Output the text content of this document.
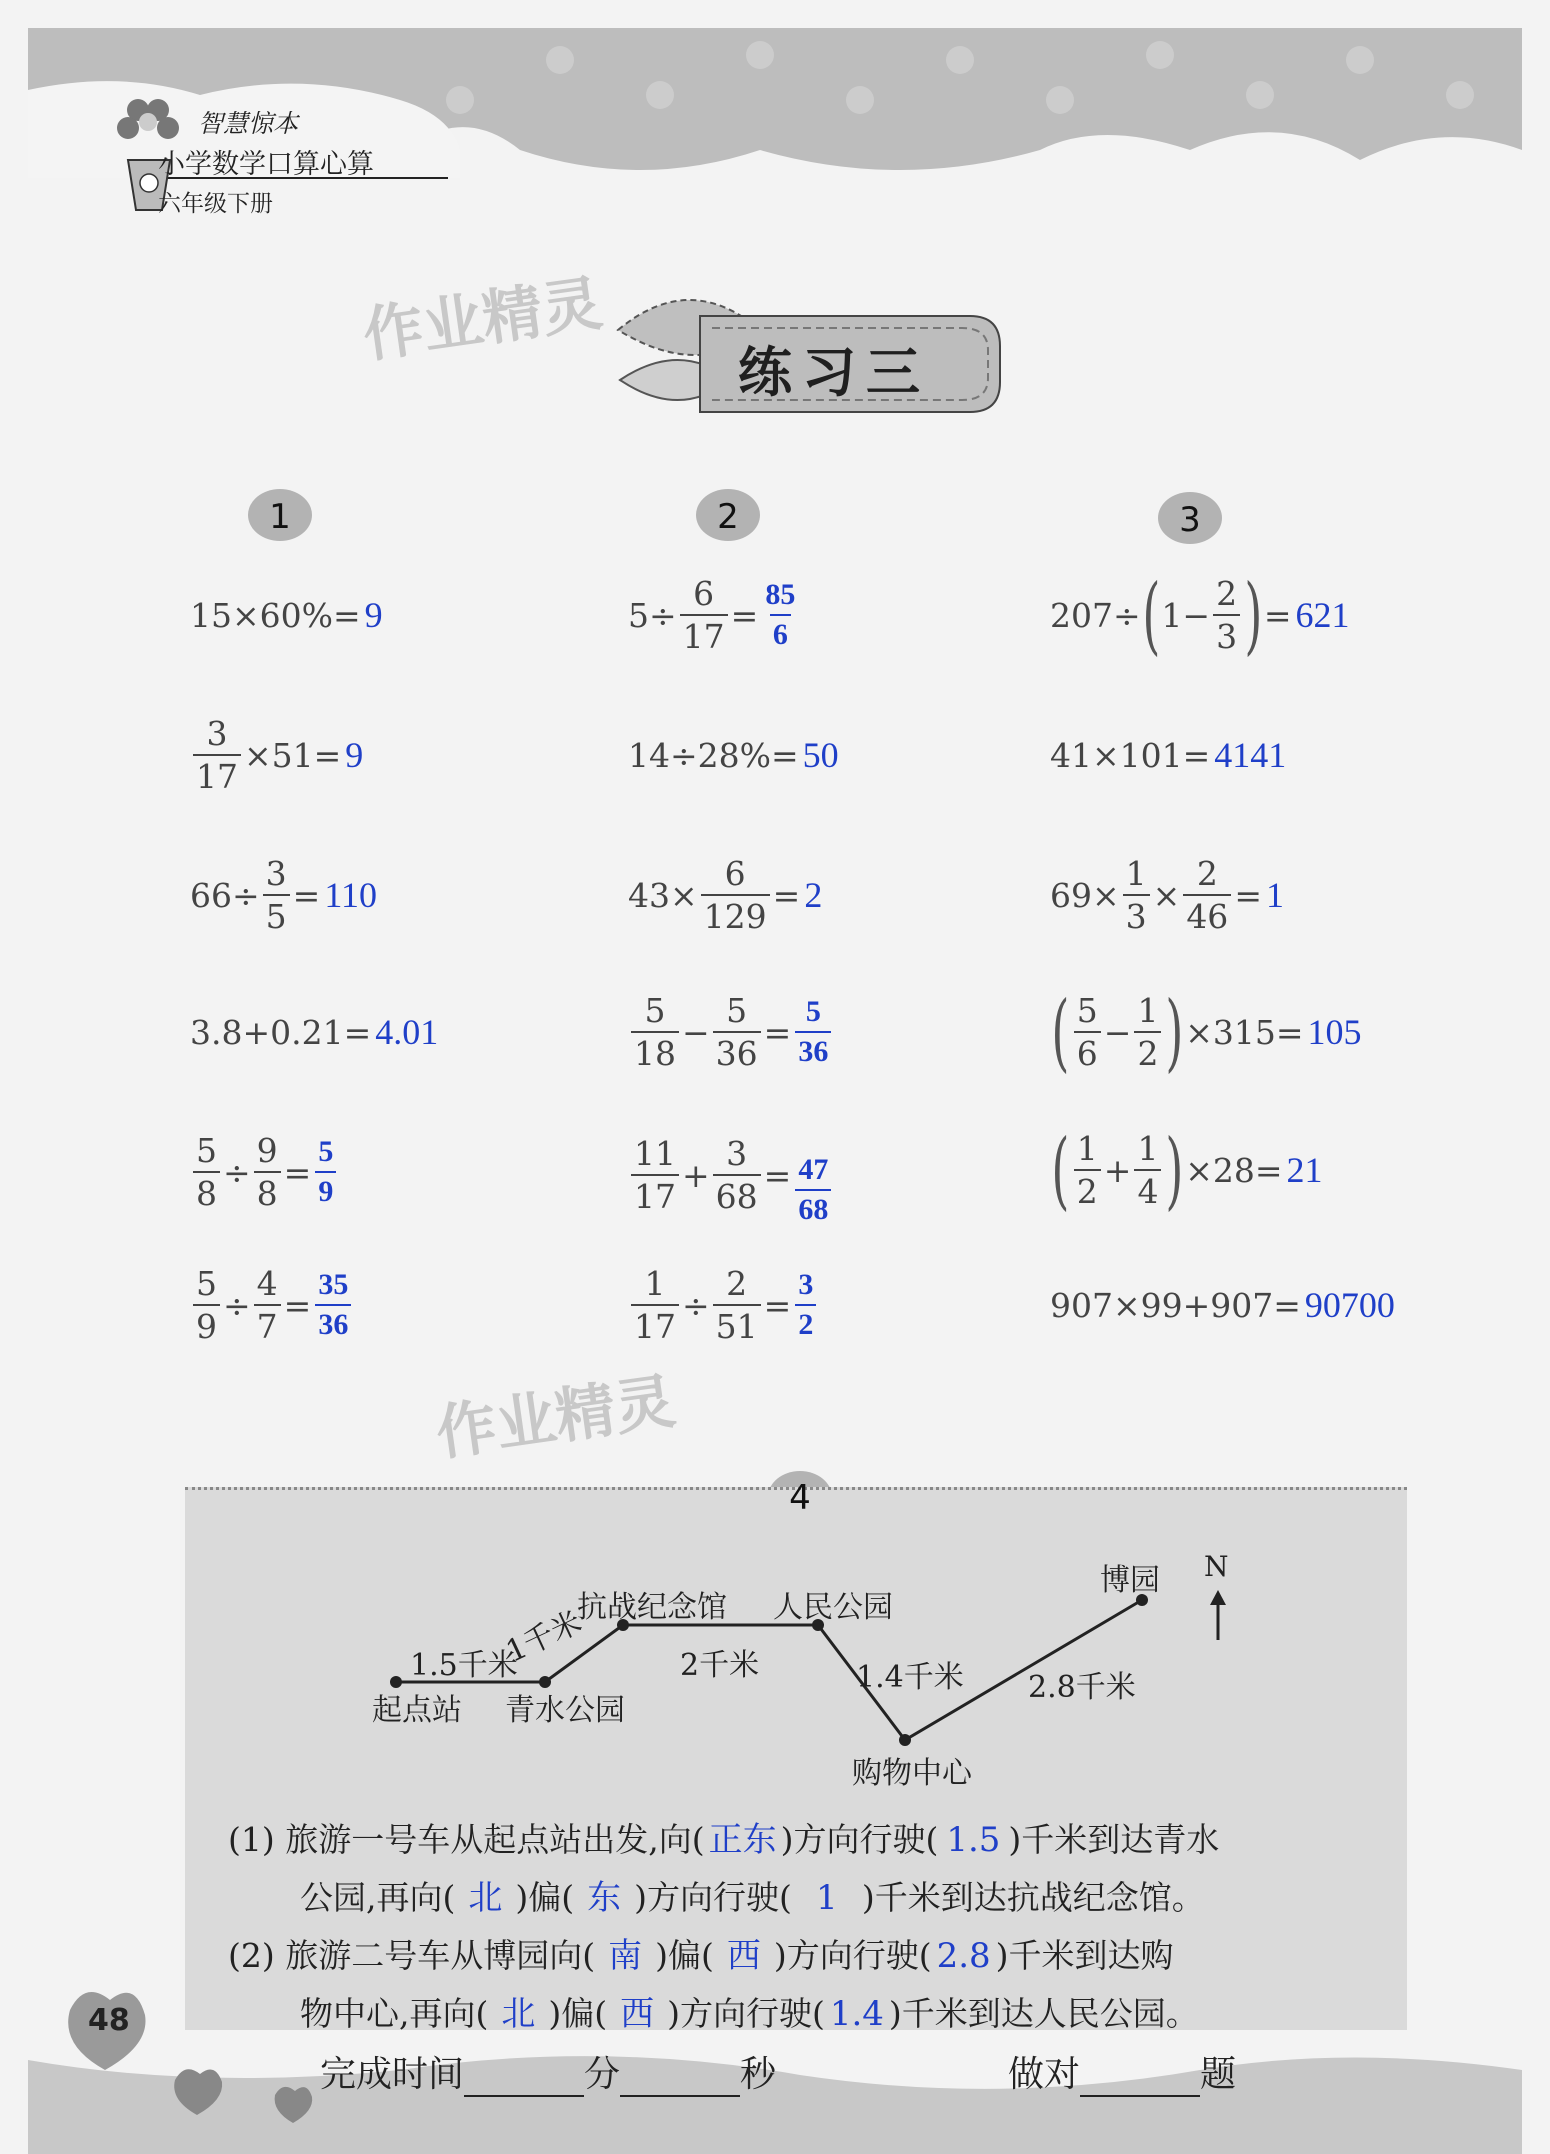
作业精灵
作业精灵
智慧惊本
小学数学口算心算
六年级下册
练习三
1	2	3
15×60%= 9
$\frac{3}{17} \times 51= 9$
$66\div \frac{3}{5} = 110$
3.8+0.21= 4.01
$\frac{5}{8} \div \frac{9}{8} = \frac{5}{9}$
$\frac{5}{9} \div \frac{4}{7} = \frac{35}{36}$
$5\div \frac{6}{17} = \frac{85}{6}$
14÷28%= 50
$43\times \frac{6}{129} = 2$
$\frac{5}{18} - \frac{5}{36} = \frac{5}{36}$
$\frac{11}{17} + \frac{3}{68} = \frac{47}{68}$
$\frac{1}{17} \div \frac{2}{51} = \frac{3}{2}$
207÷ ( $1- \frac{2}{3}$ ) = 621
41×101= 4141
$69\times \frac{1}{3} \times \frac{2}{46} = 1$
( $\frac{5}{6} - \frac{1}{2}$ ) ×315= 105
( $\frac{1}{2} + \frac{1}{4}$ ) ×28= 21
907×99+907= 90700
4
起点站 青水公园
抗战纪念馆 人民公园
购物中心
博园 N
1.5千米
1千米	2千米	1.4千米 2.8千米
(1) 旅游一号车从起点站出发,向( 正东 )方向行驶( 1.5 )千米到达青水
公园,再向( 北 )偏( 东 )方向行驶( 1 )千米到达抗战纪念馆。
(2) 旅游二号车从博园向( 南 )偏( 西 )方向行驶( 2.8 )千米到达购
物中心,再向( 北 )偏( 西 )方向行驶( 1.4 )千米到达人民公园。
48
完成时间	分	秒	做对	题
